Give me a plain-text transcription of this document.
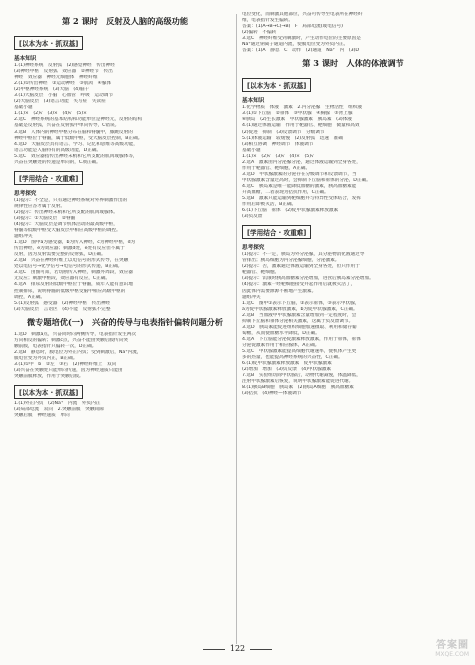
第 2 课时　反射及人脑的高级功能
[以本为本 · 抓双基]
基本知识
1.(1)神经系统　反射弧　(2)感觉神经　传出神经
(3)神经中枢　反射弧　效应器　②神经节　传出
神经　效应器　神经元细胞体　神经纤维
2.(1)①传出神经　②运动神经　③肌肉　④腺体
(2)中枢神经系统　(3)大脑　(4)脑干
3.(1)大脑皮层　小脑　心血管　呼吸　运动调节
(2)大脑皮层　(3)语言功能　失写症　失读症
基础小题
1.(1)×　(2)√　(3)×　(4)√　(5)×
2.选C　神经系统的基本结构和功能单位是神经元，反射的结构
基础是反射弧，兴奋在反射弧中单向传导，C错误。
3.选B　人体内的神经中枢分布在脑和脊髓中，膝跳反射的
神经中枢位于脊髓，属于低级中枢，受大脑皮层控制，B正确。
4.选D　大脑皮层具有语言、学习、记忆和思维等高级功能，
语言功能是人脑特有的高级功能，D正确。
5.选C　效应器指传出神经末梢和它所支配的肌肉或腺体等，
兴奋在突触处的传递是单向的，C项正确。
[学用结合 · 攻重难]
思考探究
(1)提示：不全是，只有通过神经系统对外界刺激作出的
规律性应答才属于反射。
(2)提示：传出神经末梢和它所支配的肌肉或腺体。
(3)提示：①大脑皮层　②脊髓
(4)提示：大脑皮层是调节机体活动的最高级中枢，
脊髓等低级中枢受大脑皮层中相应高级中枢的调控。
题组冲关
1.选D　图中a为感受器，b为传入神经，c为神经中枢，d为
传出神经，e为效应器；刺激d处，e处有反应但不属于
反射，因为反射需要完整的反射弧，D正确。
2.选B　兴奋在神经纤维上以电信号的形式传导，在突触
处以电信号→化学信号→电信号的形式传递，B正确。
3.选C　由图可知，若切断传入神经，刺激外周段，效应器
无反应；刺激中枢段，效应器有反应，C正确。
4.选A　排尿反射的低级中枢位于脊髓，成年人能有意识地
控制排尿，说明脊髓的低级中枢受脑中相应高级中枢的
调控，A正确。
5.(1)反射弧　感受器　(2)神经中枢　传出神经
(3)大脑皮层　言语区　(4)不能　反射弧不完整
微专题培优(一)　兴奋的传导与电表指针偏转问题分析
1.选D　刺激a点，兴奋同时向两侧传导，电表指针发生两次
方向相反的偏转；刺激c点，兴奋不能由突触后膜传向突
触前膜，电表指针只偏转一次，D正确。
2.选B　静息时，膜电位为外正内负；受到刺激后，Na⁺内流，
膜电位变为外负内正，B正确。
3.(1)①中　b　②左　③右　(2)神经纤维上　双向
(3)兴奋在突触处只能单向传递，因为神经递质只能由
突触前膜释放，作用于突触后膜。
[以本为本 · 抓双基]
1.(1)外正内负　(2)Na⁺　内流　外负内正
(3)局部电流　双向　2.突触前膜　突触间隙
突触后膜　神经递质　单向
电位变化，而刺激其他部位，兴奋可传导至电表所在神经纤
维，电表指针发生偏转。
答案：(1)A→B→C(→B)　F　局部电流(或电信号)
(2)偏转　不偏转
3.选C　神经纤维受到刺激时，产生动作电位的主要原因是
Na⁺通过钠离子通道内流，使膜电位变为外负内正。
答案：(1)A　静息　C　动作　(2)通道　Na⁺　内　(3)D
第 3 课时　人体的体液调节
[以本为本 · 抓双基]
基本知识
1.化学物质　体液　激素　2.内分泌腺　生物活性　组织液
3.(1)①下丘脑　②垂体　③甲状腺　④胸腺　⑤肾上腺
⑥胰岛　(2)生长激素　甲状腺激素　胰岛素　(3)体液
4.(1)通过体液运输　作用于靶器官、靶细胞　微量和高效
(2)促进　抑制　(3)反馈调节　分级调节
5.(1)体液运输　较缓慢　(2)反射弧　迅速　准确
(3)相互协调　神经调节　体液调节
基础小题
1.(1)×　(2)√　(3)√　(4)×　(5)√
2.选A　激素由内分泌腺分泌，通过体液运输到全身各处，
作用于靶器官、靶细胞，A正确。
3.选D　甲状腺激素的分泌存在分级调节和反馈调节，当
甲状腺激素含量过高时，会抑制下丘脑和垂体的分泌，D正确。
4.选C　胰岛素是唯一能降低血糖的激素，胰高血糖素能
升高血糖，二者表现为拮抗作用，C正确。
5.选B　激素只能运输到靶细胞并与特异性受体结合，发挥
作用后即被灭活，B正确。
6.(1)下丘脑　垂体　(2)促甲状腺激素释放激素
(3)负反馈
[学用结合 · 攻重难]
思考探究
(1)提示：不一定，胰岛为外分泌腺，其分泌物消化液通过导
管排出；胰岛细胞为内分泌腺细胞，分泌激素。
(2)提示：否，激素通过体液运输到全身各处，但只作用于
靶器官、靶细胞。
(3)提示：饥饿时胰高血糖素分泌增加，进食后胰岛素分泌增加。
(4)提示：激素一经靶细胞接受并起作用后就被灭活了，
因此体内需要源源不断地产生激素。
题组冲关
1.选C　图中①表示下丘脑，②表示垂体，③表示甲状腺，
a为促甲状腺激素释放激素，b为促甲状腺激素，C正确。
2.选B　当血液中甲状腺激素含量增加到一定程度时，会
抑制下丘脑和垂体分泌相关激素，这属于负反馈调节。
3.选D　胰岛素能促进组织细胞加速摄取、利用和储存葡
萄糖，从而使血糖水平降低，D正确。
4.选A　下丘脑能分泌促激素释放激素，作用于垂体，垂体
分泌促激素作用于相应腺体，A正确。
5.选C　甲状腺激素能提高细胞代谢速率，使机体产生更
多的热量，也能提高神经系统的兴奋性，C正确。
6.(1)促甲状腺激素释放激素　促甲状腺激素
(2)增加　增加　(3)负反馈　(4)甲状腺激素
7.选B　实验组切除甲状腺后，动物代谢减慢，体温降低，
注射甲状腺激素后恢复，说明甲状腺激素能促进代谢。
8.(1)胰岛B细胞　胰岛素　(2)胰岛A细胞　胰高血糖素
(3)拮抗　(4)神经—体液调节
122	答案圈
MXQE.COM
